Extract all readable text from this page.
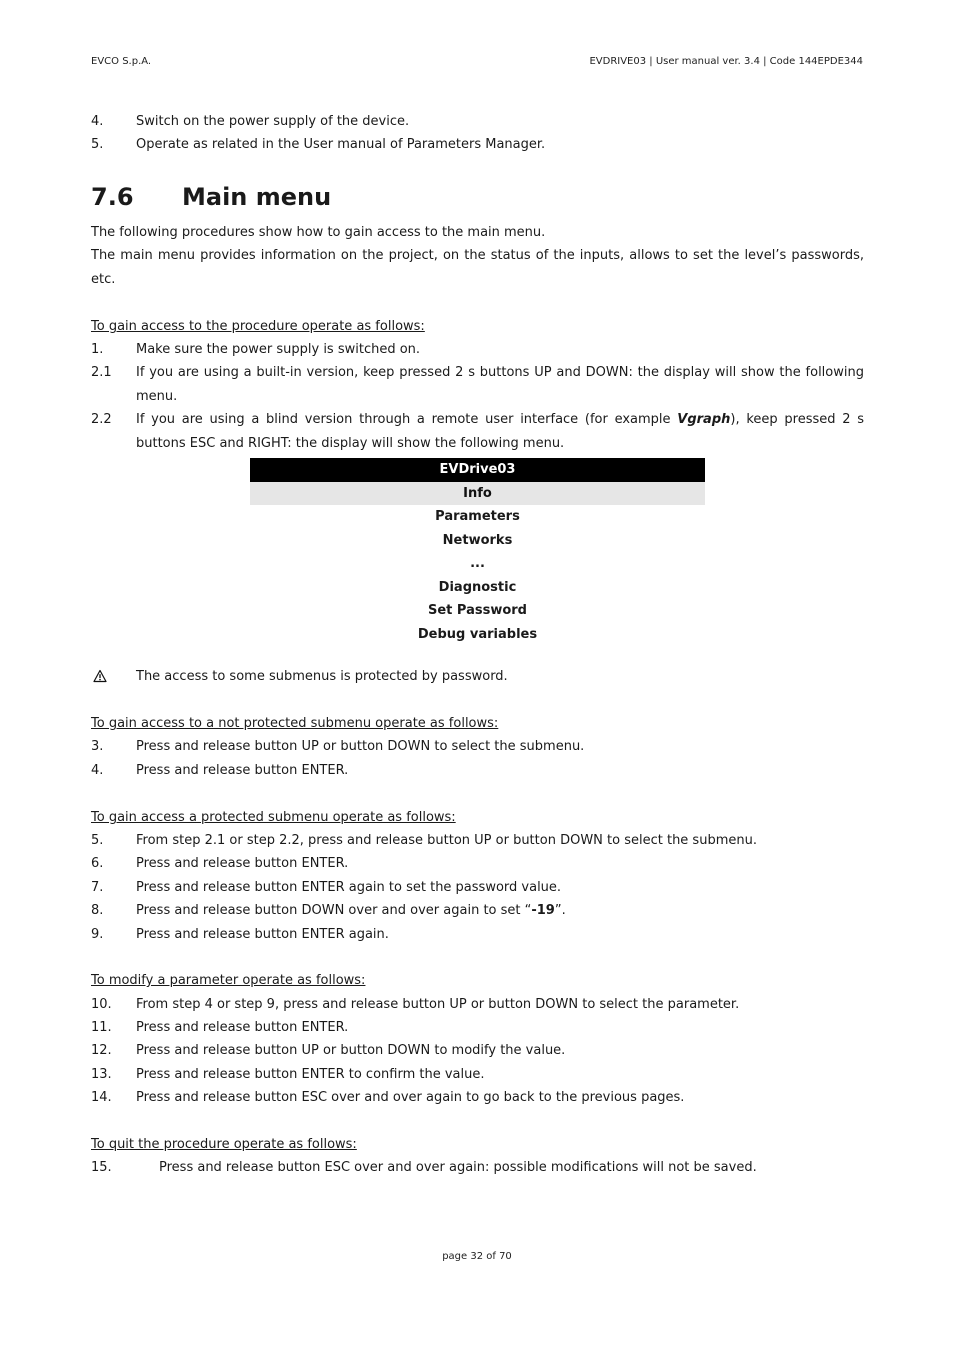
EVCO S.p.A.	EVDRIVE03 | User manual ver. 3.4 | Code 144EPDE344
4.	Switch on the power supply of the device.
5.	Operate as related in the User manual of Parameters Manager.
7.6 Main menu
The following procedures show how to gain access to the main menu.
The main menu provides information on the project, on the status of the inputs, allows to set the level’s passwords, etc.
To gain access to the procedure operate as follows:
1.	Make sure the power supply is switched on.
2.1	If you are using a built-in version, keep pressed 2 s buttons UP and DOWN: the display will show the following menu.
2.2	If you are using a blind version through a remote user interface (for example Vgraph), keep pressed 2 s buttons ESC and RIGHT: the display will show the following menu.
EVDrive03
Info
Parameters
Networks
...
Diagnostic
Set Password
Debug variables
The access to some submenus is protected by password.
To gain access to a not protected submenu operate as follows:
3.	Press and release button UP or button DOWN to select the submenu.
4.	Press and release button ENTER.
To gain access a protected submenu operate as follows:
5.	From step 2.1 or step 2.2, press and release button UP or button DOWN to select the submenu.
6.	Press and release button ENTER.
7.	Press and release button ENTER again to set the password value.
8.	Press and release button DOWN over and over again to set “-19”.
9.	Press and release button ENTER again.
To modify a parameter operate as follows:
10.	From step 4 or step 9, press and release button UP or button DOWN to select the parameter.
11.	Press and release button ENTER.
12.	Press and release button UP or button DOWN to modify the value.
13.	Press and release button ENTER to confirm the value.
14.	Press and release button ESC over and over again to go back to the previous pages.
To quit the procedure operate as follows:
15.	Press and release button ESC over and over again: possible modifications will not be saved.
page 32 of 70
